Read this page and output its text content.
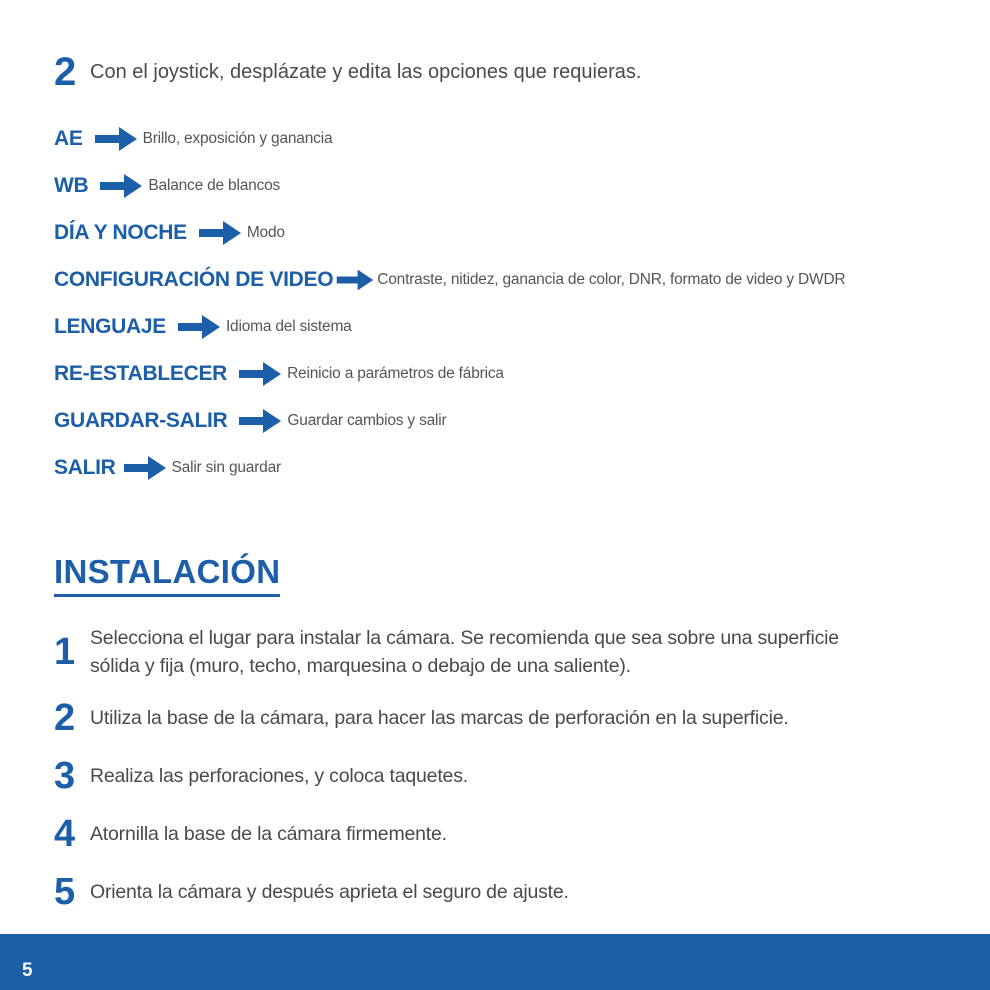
2 Con el joystick, desplázate y edita las opciones que requieras.
AE	Brillo, exposición y ganancia
WB	Balance de blancos
DÍA Y NOCHE	Modo
CONFIGURACIÓN DE VIDEO	Contraste, nitidez, ganancia de color, DNR, formato de video y DWDR
LENGUAJE	Idioma del sistema
RE-ESTABLECER	Reinicio a parámetros de fábrica
GUARDAR-SALIR	Guardar cambios y salir
SALIR	Salir sin guardar
INSTALACIÓN
1 Selecciona el lugar para instalar la cámara. Se recomienda que sea sobre una superficie
sólida y fija (muro, techo, marquesina o debajo de una saliente).
2 Utiliza la base de la cámara, para hacer las marcas de perforación en la superficie.
3 Realiza las perforaciones, y coloca taquetes.
4 Atornilla la base de la cámara firmemente.
5 Orienta la cámara y después aprieta el seguro de ajuste.
5
